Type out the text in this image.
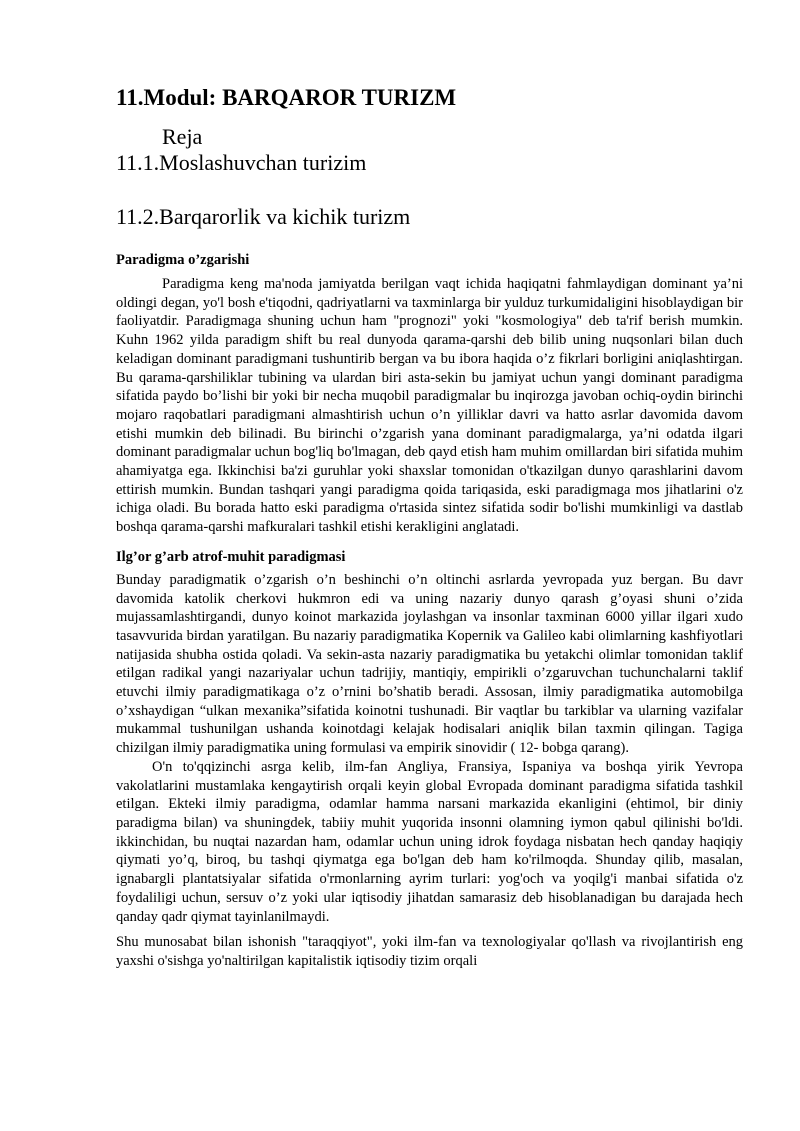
11.Modul: BARQAROR TURIZM
Reja
11.1.Moslashuvchan turizim
11.2.Barqarorlik va kichik turizm
Paradigma o’zgarishi

Paradigma keng ma'noda jamiyatda berilgan vaqt ichida haqiqatni fahmlaydigan dominant ya’ni oldingi degan, yo'l bosh e'tiqodni, qadriyatlarni va taxminlarga bir yulduz turkumidaligini hisoblaydigan bir faoliyatdir. Paradigmaga shuning uchun ham "prognozi" yoki "kosmologiya" deb ta'rif berish mumkin. Kuhn 1962 yilda paradigm shift bu real dunyoda qarama-qarshi deb bilib uning nuqsonlari bilan duch keladigan dominant paradigmani tushuntirib bergan va bu ibora haqida o’z fikrlari borligini aniqlashtirgan. Bu qarama-qarshiliklar tubining va ulardan biri asta-sekin bu jamiyat uchun yangi dominant paradigma sifatida paydo bo’lishi bir yoki bir necha muqobil paradigmalar bu inqirozga javoban ochiq-oydin birinchi mojaro raqobatlari paradigmani almashtirish uchun o’n yilliklar davri va hatto asrlar davomida davom etishi mumkin deb bilinadi. Bu birinchi o’zgarish yana dominant paradigmalarga, ya’ni odatda ilgari dominant paradigmalar uchun bog'liq bo'lmagan, deb qayd etish ham muhim omillardan biri sifatida muhim ahamiyatga ega. Ikkinchisi ba'zi guruhlar yoki shaxslar tomonidan o'tkazilgan dunyo qarashlarini davom ettirish mumkin. Bundan tashqari yangi paradigma qoida tariqasida, eski paradigmaga mos jihatlarini o'z ichiga oladi. Bu borada hatto eski paradigma o'rtasida sintez sifatida sodir bo'lishi mumkinligi va dastlab boshqa qarama-qarshi mafkuralari tashkil etishi kerakligini anglatadi.

Ilg’or g’arb atrof-muhit paradigmasi

Bunday paradigmatik o’zgarish o’n beshinchi o’n oltinchi asrlarda yevropada yuz bergan. Bu davr davomida katolik cherkovi hukmron edi va uning nazariy dunyo qarash g’oyasi shuni o’zida mujassamlashtirgandi, dunyo koinot markazida joylashgan va insonlar taxminan 6000 yillar ilgari xudo tasavvurida birdan yaratilgan. Bu nazariy paradigmatika Kopernik va Galileo kabi olimlarning kashfiyotlari natijasida shubha ostida qoladi. Va sekin-asta nazariy paradigmatika bu yetakchi olimlar tomonidan taklif etilgan radikal yangi nazariyalar uchun tadrijiy, mantiqiy, empirikli o’zgaruvchan tuchunchalarni taklif etuvchi ilmiy paradigmatikaga o’z o’rnini bo’shatib beradi. Assosan, ilmiy paradigmatika automobilga o’xshaydigan “ulkan mexanika”sifatida koinotni tushunadi. Bir vaqtlar bu tarkiblar va ularning vazifalar mukammal tushunilgan ushanda koinotdagi kelajak hodisalari aniqlik bilan taxmin qilingan. Tagiga chizilgan ilmiy paradigmatika uning formulasi va empirik sinovidir ( 12- bobga qarang).

O'n to'qqizinchi asrga kelib, ilm-fan Angliya, Fransiya, Ispaniya va boshqa yirik Yevropa vakolatlarini mustamlaka kengaytirish orqali keyin global Evropada dominant paradigma sifatida tashkil etilgan. Ekteki ilmiy paradigma, odamlar hamma narsani markazida ekanligini (ehtimol, bir diniy paradigma bilan) va shuningdek, tabiiy muhit yuqorida insonni olamning iymon qabul qilinishi bo'ldi. ikkinchidan, bu nuqtai nazardan ham, odamlar uchun uning idrok foydaga nisbatan hech qanday haqiqiy qiymati yo’q, biroq, bu tashqi qiymatga ega bo'lgan deb ham ko'rilmoqda. Shunday qilib, masalan, ignabargli plantatsiyalar sifatida o'rmonlarning ayrim turlari: yog'och va yoqilg'i manbai sifatida o'z foydaliligi uchun, sersuv o’z yoki ular iqtisodiy jihatdan samarasiz deb hisoblanadigan bu darajada hech qanday qadr qiymat tayinlanilmaydi.

Shu munosabat bilan ishonish "taraqqiyot", yoki ilm-fan va texnologiyalar qo'llash va rivojlantirish eng yaxshi o'sishga yo'naltirilgan kapitalistik iqtisodiy tizim orqali
